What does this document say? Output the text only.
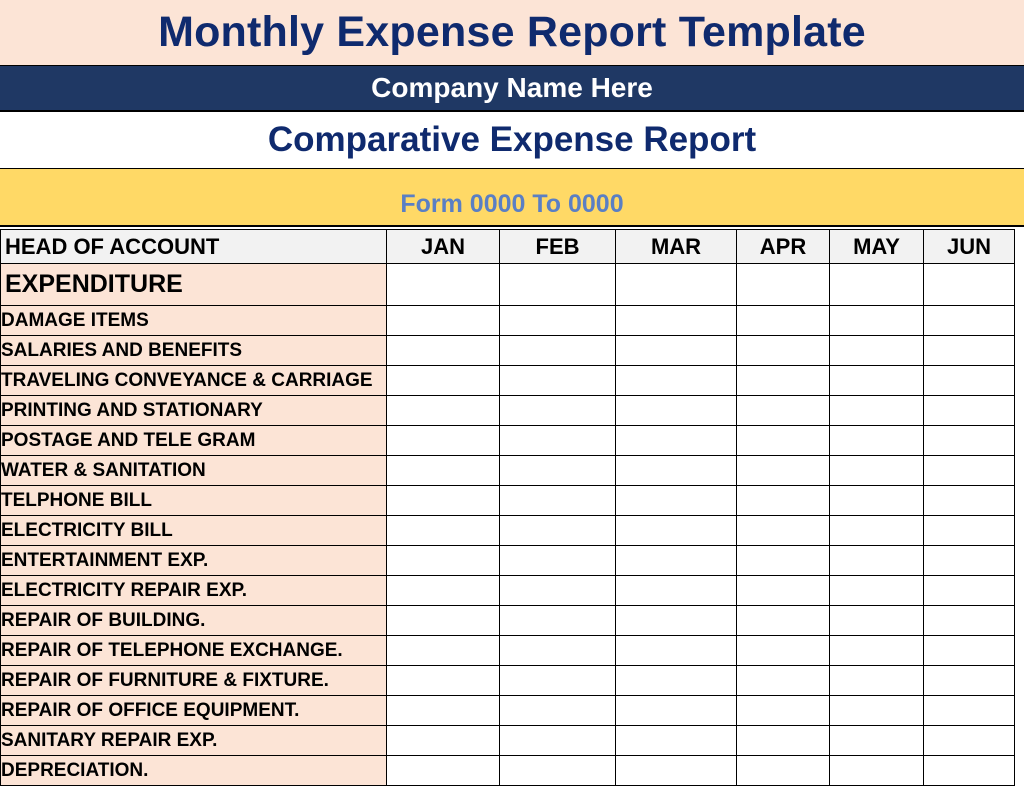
Monthly Expense Report Template
Company Name Here
Comparative Expense Report
Form 0000 To 0000
HEAD OF ACCOUNT	JAN	FEB	MAR	APR	MAY	JUN
EXPENDITURE						
DAMAGE ITEMS						
SALARIES AND BENEFITS						
TRAVELING CONVEYANCE & CARRIAGE						
PRINTING AND STATIONARY						
POSTAGE AND TELE GRAM						
WATER & SANITATION						
TELPHONE BILL						
ELECTRICITY BILL						
ENTERTAINMENT EXP.						
ELECTRICITY REPAIR EXP.						
REPAIR OF BUILDING.						
REPAIR OF TELEPHONE EXCHANGE.						
REPAIR OF FURNITURE & FIXTURE.						
REPAIR OF OFFICE EQUIPMENT.						
SANITARY REPAIR EXP.						
DEPRECIATION.						
